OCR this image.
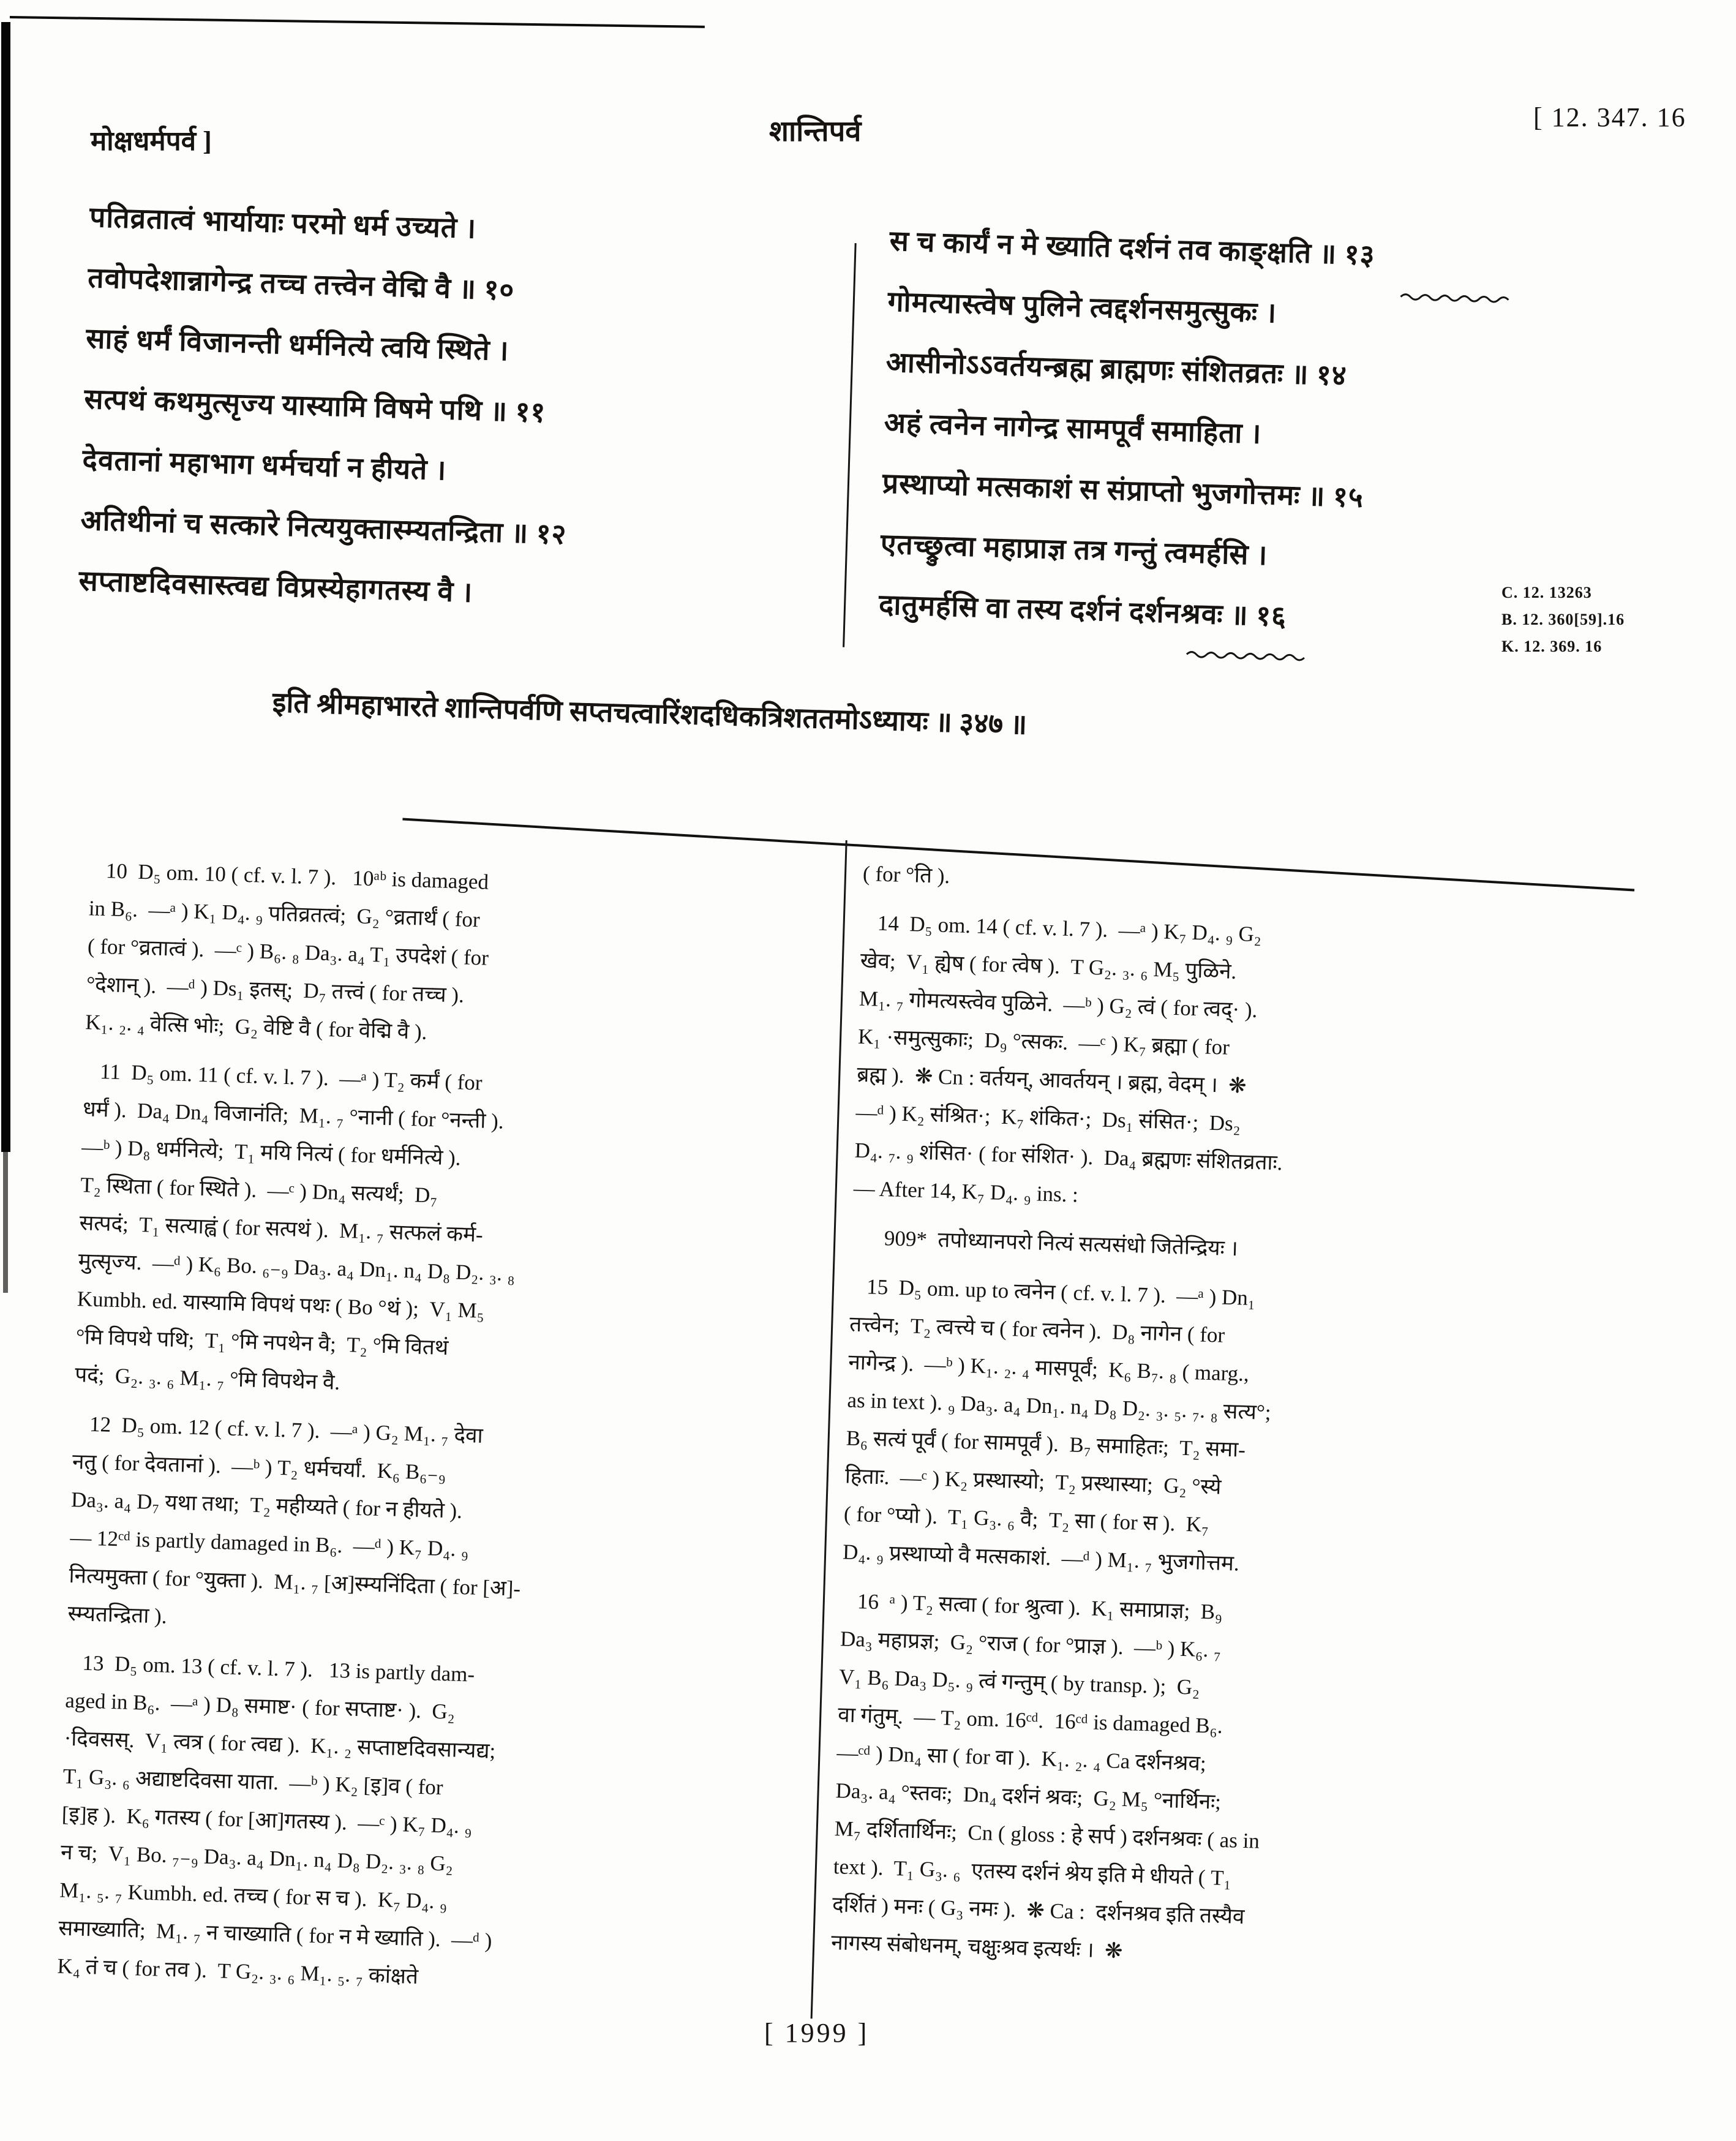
मोक्षधर्मपर्व ]	शान्तिपर्व	[ 12. 347. 16
C. 12. 13263
B. 12. 360[59].16
K. 12. 369. 16
पतिव्रतात्वं भार्यायाः परमो धर्म उच्यते ।
तवोपदेशान्नागेन्द्र तच्च तत्त्वेन वेद्मि वै ॥ १०
साहं धर्मं विजानन्ती धर्मनित्ये त्वयि स्थिते ।
सत्पथं कथमुत्सृज्य यास्यामि विषमे पथि ॥ ११
देवतानां महाभाग धर्मचर्या न हीयते ।
अतिथीनां च सत्कारे नित्ययुक्तास्म्यतन्द्रिता ॥ १२
सप्ताष्टदिवसास्त्वद्य विप्रस्येहागतस्य वै ।
स च कार्यं न मे ख्याति दर्शनं तव काङ्क्षति ॥ १३
गोमत्यास्त्वेष पुलिने त्वद्दर्शनसमुत्सुकः ।
आसीनोऽऽवर्तयन्ब्रह्म ब्राह्मणः संशितव्रतः ॥ १४
अहं त्वनेन नागेन्द्र सामपूर्वं समाहिता ।
प्रस्थाप्यो मत्सकाशं स संप्राप्तो भुजगोत्तमः ॥ १५
एतच्छ्रुत्वा महाप्राज्ञ तत्र गन्तुं त्वमर्हसि ।
दातुमर्हसि वा तस्य दर्शनं दर्शनश्रवः ॥ १६
इति श्रीमहाभारते शान्तिपर्वणि सप्तचत्वारिंशदधिकत्रिशततमोऽध्यायः ॥ ३४७ ॥
10  D₅ om. 10 ( cf. v. l. 7 ).   10ᵃᵇ is damaged
in B₆.  —ᵃ ) K₁ D₄. ₉ पतिव्रतत्वं;  G₂ °व्रतार्थं ( for
( for °व्रतात्वं ).  —ᶜ ) B₆. ₈ Da₃. a₄ T₁ उपदेशं ( for
°देशान् ).  —ᵈ ) Ds₁ इतस्;  D₇ तत्त्वं ( for तच्च ).
K₁. ₂. ₄ वेत्सि भोः;  G₂ वेष्टि वै ( for वेद्मि वै ).
11  D₅ om. 11 ( cf. v. l. 7 ).  —ᵃ ) T₂ कर्मं ( for
धर्मं ).  Da₄ Dn₄ विजानंति;  M₁. ₇ °नानी ( for °नन्ती ).
—ᵇ ) D₈ धर्मनित्ये;  T₁ मयि नित्यं ( for धर्मनित्ये ).
T₂ स्थिता ( for स्थिते ).  —ᶜ ) Dn₄ सत्यर्थं;  D₇
सत्पदं;  T₁ सत्याह्वं ( for सत्पथं ).  M₁. ₇ सत्फलं कर्म-
मुत्सृज्य.  —ᵈ ) K₆ Bo. ₆₋₉ Da₃. a₄ Dn₁. n₄ D₈ D₂. ₃. ₈
Kumbh. ed. यास्यामि विपथं पथः ( Bo °थं );  V₁ M₅
°मि विपथे पथि;  T₁ °मि नपथेन वै;  T₂ °मि वितथं
पदं;  G₂. ₃. ₆ M₁. ₇ °मि विपथेन वै.
12  D₅ om. 12 ( cf. v. l. 7 ).  —ᵃ ) G₂ M₁. ₇ देवा
नतु ( for देवतानां ).  —ᵇ ) T₂ धर्मचर्यां.  K₆ B₆₋₉
Da₃. a₄ D₇ यथा तथा;  T₂ महीय्यते ( for न हीयते ).
— 12ᶜᵈ is partly damaged in B₆.  —ᵈ ) K₇ D₄. ₉
नित्यमुक्ता ( for °युक्ता ).  M₁. ₇ [अ]स्म्यनिंदिता ( for [अ]-
स्म्यतन्द्रिता ).
13  D₅ om. 13 ( cf. v. l. 7 ).   13 is partly dam-
aged in B₆.  —ᵃ ) D₈ समाष्ट· ( for सप्ताष्ट· ).  G₂
·दिवसस्.  V₁ त्वत्र ( for त्वद्य ).  K₁. ₂ सप्ताष्टदिवसान्यद्य;
T₁ G₃. ₆ अद्याष्टदिवसा याता.  —ᵇ ) K₂ [इ]व ( for
[इ]ह ).  K₆ गतस्य ( for [आ]गतस्य ).  —ᶜ ) K₇ D₄. ₉
न च;  V₁ Bo. ₇₋₉ Da₃. a₄ Dn₁. n₄ D₈ D₂. ₃. ₈ G₂
M₁. ₅. ₇ Kumbh. ed. तच्च ( for स च ).  K₇ D₄. ₉
समाख्याति;  M₁. ₇ न चाख्याति ( for न मे ख्याति ).  —ᵈ )
K₄ तं च ( for तव ).  T G₂. ₃. ₆ M₁. ₅. ₇ कांक्षते
( for °ति ).
14  D₅ om. 14 ( cf. v. l. 7 ).  —ᵃ ) K₇ D₄. ₉ G₂
खेव;  V₁ ह्येष ( for त्वेष ).  T G₂. ₃. ₆ M₅ पुळिने.
M₁. ₇ गोमत्यस्त्वेव पुळिने.  —ᵇ ) G₂ त्वं ( for त्वद्· ).
K₁ ·समुत्सुकाः;  D₉ °त्सकः.  —ᶜ ) K₇ ब्रह्मा ( for
ब्रह्म ).  ❋ Cn : वर्तयन्, आवर्तयन् । ब्रह्म, वेदम् ।  ❋
—ᵈ ) K₂ संश्रित·;  K₇ शंकित·;  Ds₁ संसित·;  Ds₂
D₄. ₇. ₉ शंसित· ( for संशित· ).  Da₄ ब्रह्मणः संशितव्रताः.
— After 14, K₇ D₄. ₉ ins. :
909*  तपोध्यानपरो नित्यं सत्यसंधो जितेन्द्रियः ।
15  D₅ om. up to त्वनेन ( cf. v. l. 7 ).  —ᵃ ) Dn₁
तत्त्वेन;  T₂ त्वत्त्ये च ( for त्वनेन ).  D₈ नागेन ( for
नागेन्द्र ).  —ᵇ ) K₁. ₂. ₄ मासपूर्वं;  K₆ B₇. ₈ ( marg.,
as in text ). ₉ Da₃. a₄ Dn₁. n₄ D₈ D₂. ₃. ₅. ₇. ₈ सत्य°;
B₆ सत्यं पूर्वं ( for सामपूर्वं ).  B₇ समाहितः;  T₂ समा-
हिताः.  —ᶜ ) K₂ प्रस्थास्यो;  T₂ प्रस्थास्या;  G₂ °स्ये
( for °प्यो ).  T₁ G₃. ₆ वै;  T₂ सा ( for स ).  K₇
D₄. ₉ प्रस्थाप्यो वै मत्सकाशं.  —ᵈ ) M₁. ₇ भुजगोत्तम.
16  ᵃ ) T₂ सत्वा ( for श्रुत्वा ).  K₁ समाप्राज्ञ;  B₉
Da₃ महाप्रज्ञ;  G₂ °राज ( for °प्राज्ञ ).  —ᵇ ) K₆. ₇
V₁ B₆ Da₃ D₅. ₉ त्वं गन्तुम् ( by transp. );  G₂
वा गंतुम्.  — T₂ om. 16ᶜᵈ.  16ᶜᵈ is damaged B₆.
—ᶜᵈ ) Dn₄ सा ( for वा ).  K₁. ₂. ₄ Ca दर्शनश्रव;
Da₃. a₄ °स्तवः;  Dn₄ दर्शनं श्रवः;  G₂ M₅ °नार्थिनः;
M₇ दर्शितार्थिनः;  Cn ( gloss : हे सर्प ) दर्शनश्रवः ( as in
text ).  T₁ G₃. ₆  एतस्य दर्शनं श्रेय इति मे धीयते ( T₁
दर्शितं ) मनः ( G₃ नमः ).  ❋ Ca :  दर्शनश्रव इति तस्यैव
नागस्य संबोधनम्, चक्षुःश्रव इत्यर्थः ।  ❋
[ 1999 ]
